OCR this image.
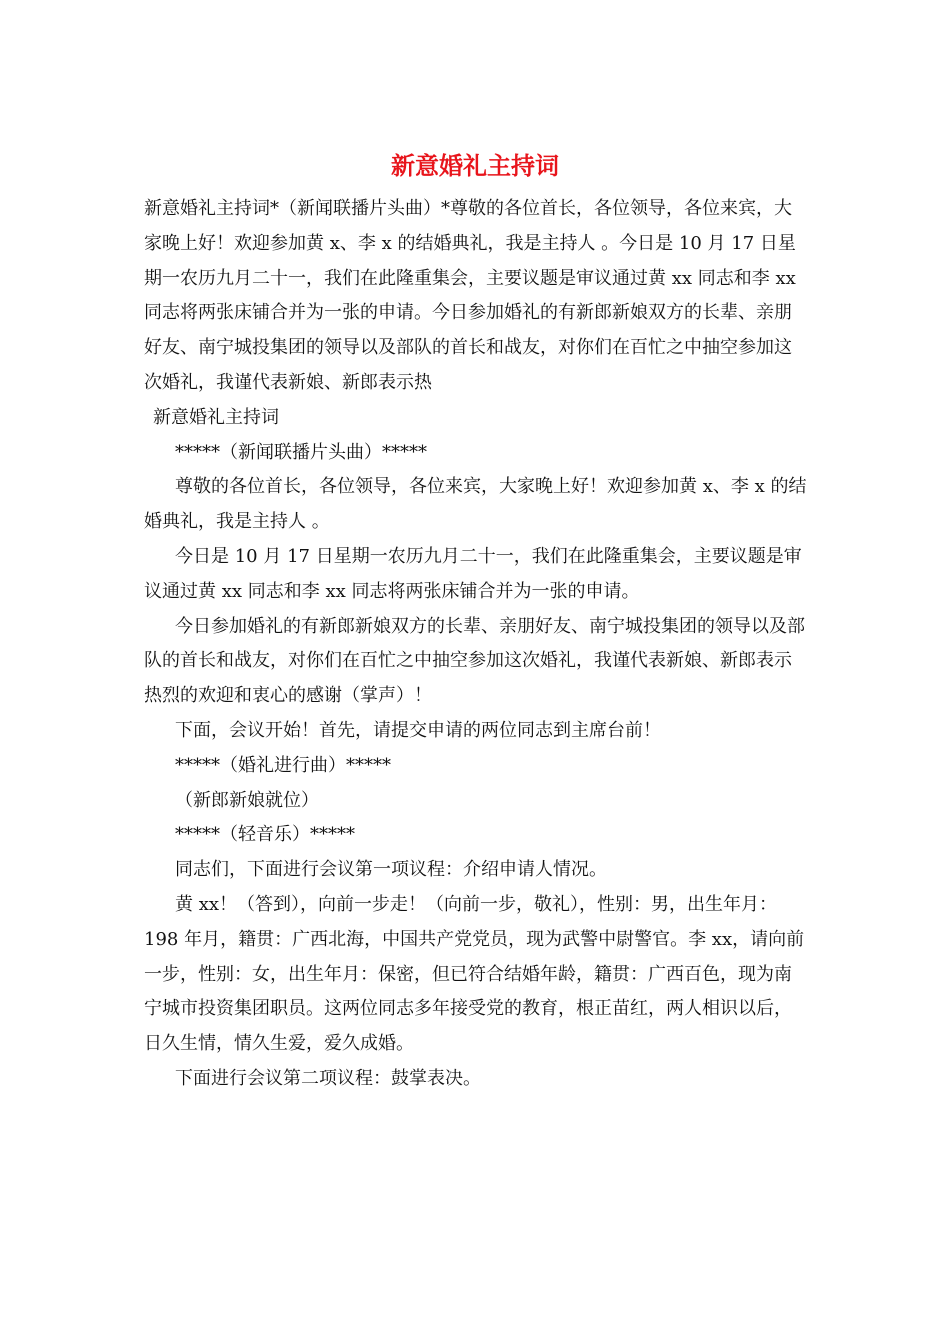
新意婚礼主持词

新意婚礼主持词*（新闻联播片头曲）*尊敬的各位首长，各位领导，各位来宾，大家晚上好！欢迎参加黄 x、李 x 的结婚典礼，我是主持人 。今日是 10 月 17 日星期一农历九月二十一，我们在此隆重集会，主要议题是审议通过黄 xx 同志和李 xx 同志将两张床铺合并为一张的申请。今日参加婚礼的有新郎新娘双方的长辈、亲朋好友、南宁城投集团的领导以及部队的首长和战友，对你们在百忙之中抽空参加这次婚礼，我谨代表新娘、新郎表示热

新意婚礼主持词

*****（新闻联播片头曲）*****

尊敬的各位首长，各位领导，各位来宾，大家晚上好！欢迎参加黄 x、李 x 的结婚典礼，我是主持人 。

今日是 10 月 17 日星期一农历九月二十一，我们在此隆重集会，主要议题是审议通过黄 xx 同志和李 xx 同志将两张床铺合并为一张的申请。

今日参加婚礼的有新郎新娘双方的长辈、亲朋好友、南宁城投集团的领导以及部队的首长和战友，对你们在百忙之中抽空参加这次婚礼，我谨代表新娘、新郎表示热烈的欢迎和衷心的感谢（掌声）！

下面，会议开始！首先，请提交申请的两位同志到主席台前！

*****（婚礼进行曲）*****

（新郎新娘就位）

*****（轻音乐）*****

同志们，下面进行会议第一项议程：介绍申请人情况。

黄 xx！（答到），向前一步走！（向前一步，敬礼），性别：男，出生年月：198 年月，籍贯：广西北海，中国共产党党员，现为武警中尉警官。李 xx，请向前一步，性别：女，出生年月：保密，但已符合结婚年龄，籍贯：广西百色，现为南宁城市投资集团职员。这两位同志多年接受党的教育，根正苗红，两人相识以后，日久生情，情久生爱，爱久成婚。

下面进行会议第二项议程：鼓掌表决。
